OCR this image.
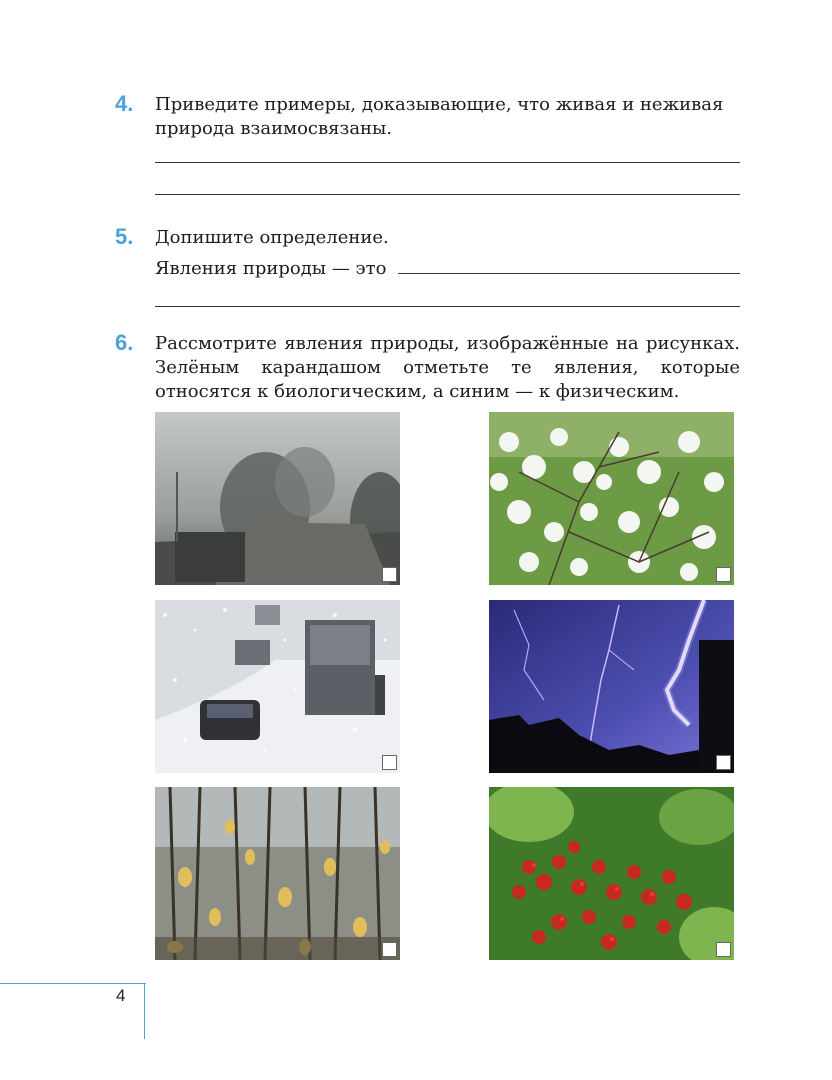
4. Приведите примеры, доказывающие, что живая и неживая природа взаимосвязаны.

5. Допишите определение.

Явления природы — это
6. Рассмотрите явления природы, изображённые на рисунках. Зелёным карандашом отметьте те явления, которые относятся к биологическим, а синим — к физическим.

4
